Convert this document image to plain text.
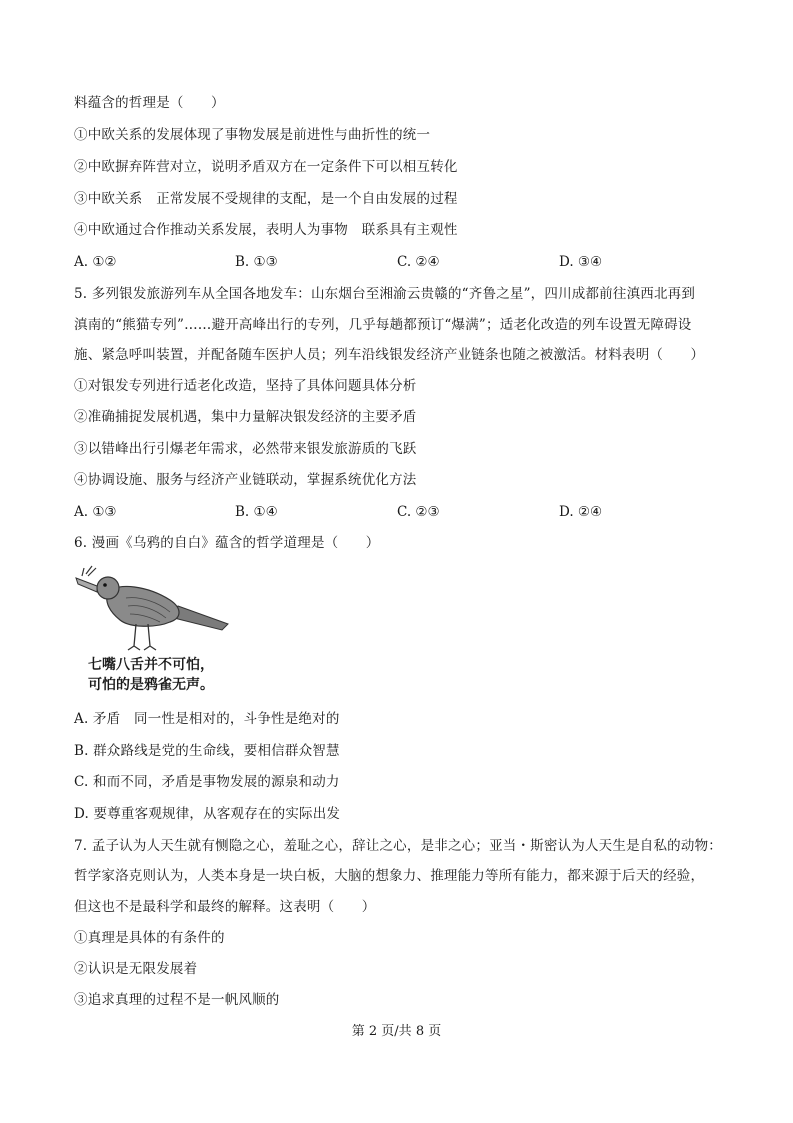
料蕴含的哲理是（　　）
①中欧关系的发展体现了事物发展是前进性与曲折性的统一
②中欧摒弃阵营对立，说明矛盾双方在一定条件下可以相互转化
③中欧关系　正常发展不受规律的支配，是一个自由发展的过程
④中欧通过合作推动关系发展，表明人为事物　联系具有主观性
A. ①②	B. ①③	C. ②④	D. ③④
5. 多列银发旅游列车从全国各地发车：山东烟台至湘渝云贵赣的“齐鲁之星”，四川成都前往滇西北再到
滇南的“熊猫专列”……避开高峰出行的专列，几乎每趟都预订“爆满”；适老化改造的列车设置无障碍设
施、紧急呼叫装置，并配备随车医护人员；列车沿线银发经济产业链条也随之被激活。材料表明（　　）
①对银发专列进行适老化改造，坚持了具体问题具体分析
②准确捕捉发展机遇，集中力量解决银发经济的主要矛盾
③以错峰出行引爆老年需求，必然带来银发旅游质的飞跃
④协调设施、服务与经济产业链联动，掌握系统优化方法
A. ①③	B. ①④	C. ②③	D. ②④
6. 漫画《乌鸦的自白》蕴含的哲学道理是（　　）
七嘴八舌并不可怕，
可怕的是鸦雀无声。
A. 矛盾　同一性是相对的，斗争性是绝对的
B. 群众路线是党的生命线，要相信群众智慧
C. 和而不同，矛盾是事物发展的源泉和动力
D. 要尊重客观规律，从客观存在的实际出发
7. 孟子认为人天生就有恻隐之心，羞耻之心，辞让之心，是非之心；亚当・斯密认为人天生是自私的动物：
哲学家洛克则认为，人类本身是一块白板，大脑的想象力、推理能力等所有能力，都来源于后天的经验，
但这也不是最科学和最终的解释。这表明（　　）
①真理是具体的有条件的
②认识是无限发展着
③追求真理的过程不是一帆风顺的
第 2 页/共 8 页
